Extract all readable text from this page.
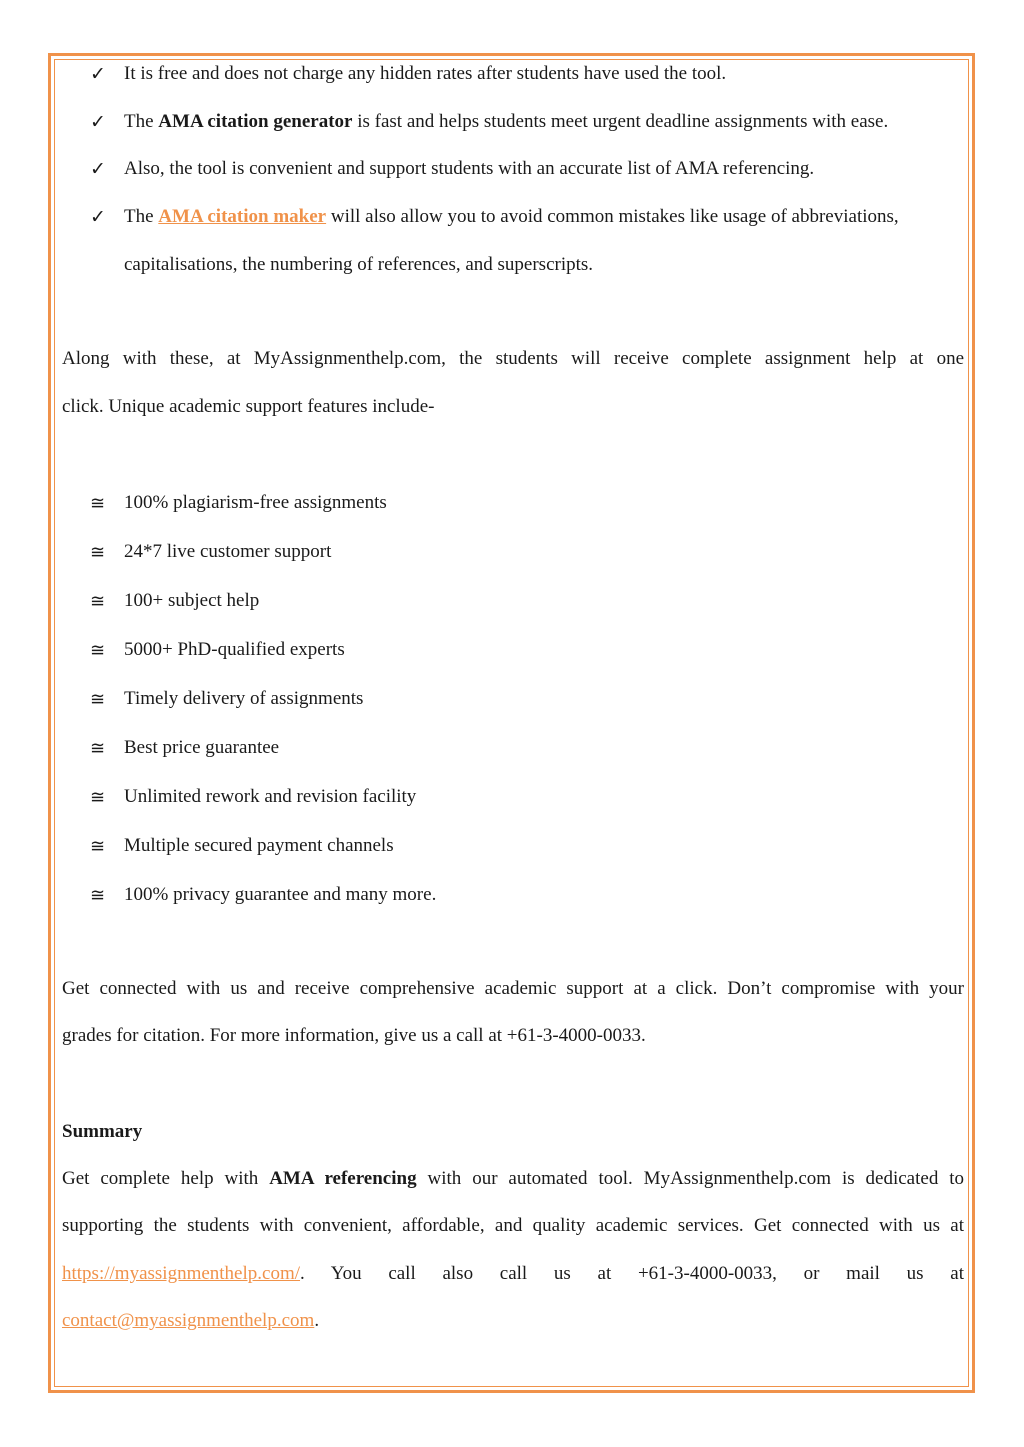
✓ It is free and does not charge any hidden rates after students have used the tool.
✓ The AMA citation generator is fast and helps students meet urgent deadline assignments with ease.
✓ Also, the tool is convenient and support students with an accurate list of AMA referencing.
✓ The AMA citation maker will also allow you to avoid common mistakes like usage of abbreviations,
capitalisations, the numbering of references, and superscripts.
Along with these, at MyAssignmenthelp.com, the students will receive complete assignment help at one
click. Unique academic support features include-
≅ 100% plagiarism-free assignments
≅ 24*7 live customer support
≅ 100+ subject help
≅ 5000+ PhD-qualified experts
≅ Timely delivery of assignments
≅ Best price guarantee
≅ Unlimited rework and revision facility
≅ Multiple secured payment channels
≅ 100% privacy guarantee and many more.
Get connected with us and receive comprehensive academic support at a click. Don’t compromise with your
grades for citation. For more information, give us a call at +61-3-4000-0033.
Summary
Get complete help with AMA referencing with our automated tool. MyAssignmenthelp.com is dedicated to
supporting the students with convenient, affordable, and quality academic services. Get connected with us at
https://myassignmenthelp.com/.   You   call   also   call   us   at   +61-3-4000-0033,   or   mail   us   at
contact@myassignmenthelp.com.
